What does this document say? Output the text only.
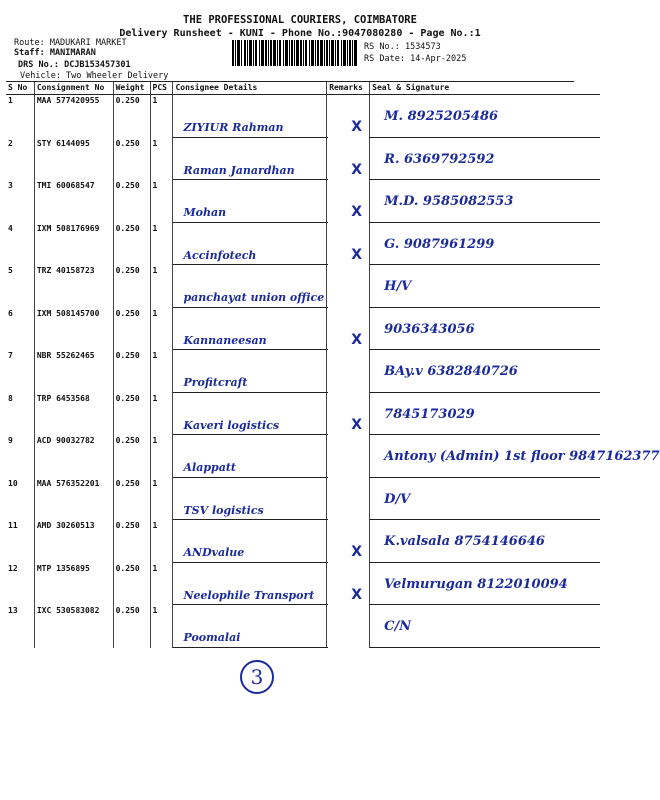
THE PROFESSIONAL COURIERS, COIMBATORE
Delivery Runsheet - KUNI - Phone No.:9047080280 - Page No.:1
Route: MADUKARI MARKET
Staff: MANIMARAN
DRS No.: DCJB153457301
Vehicle: Two Wheeler Delivery
RS No.: 1534573
RS Date: 14-Apr-2025
S No	Consignment No	Weight	PCS	Consignee Details	Remarks	Seal & Signature
1	MAA 577420955	0.250	1	ZIYIUR Rahman	X	M. 8925205486

2	STY 6144095	0.250	1	Raman Janardhan	X	R. 6369792592

3	TMI 60068547	0.250	1	Mohan	X	M.D. 9585082553

4	IXM 508176969	0.250	1	Accinfotech	X	G. 9087961299

5	TRZ 40158723	0.250	1	panchayat union office		H/V

6	IXM 508145700	0.250	1	Kannaneesan	X	9036343056

7	NBR 55262465	0.250	1	Profitcraft		BAy.v 6382840726

8	TRP 6453568	0.250	1	Kaveri logistics	X	7845173029

9	ACD 90032782	0.250	1	Alappatt		Antony (Admin) 1st floor 9847162377

10	MAA 576352201	0.250	1	TSV logistics		D/V

11	AMD 30260513	0.250	1	ANDvalue	X	K.valsala 8754146646

12	MTP 1356895	0.250	1	Neelophile Transport	X	Velmurugan 8122010094

13	IXC 530583082	0.250	1	Poomalai		C/N
3
